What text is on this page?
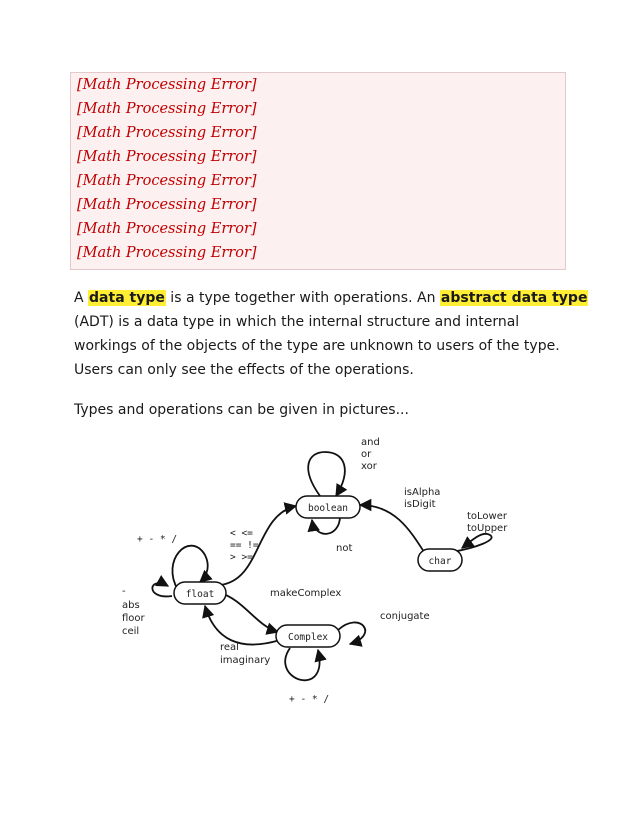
[Math Processing Error]
[Math Processing Error]
[Math Processing Error]
[Math Processing Error]
[Math Processing Error]
[Math Processing Error]
[Math Processing Error]
[Math Processing Error]
A data type is a type together with operations. An abstract data type
(ADT) is a data type in which the internal structure and internal
workings of the objects of the type are unknown to users of the type.
Users can only see the effects of the operations.
Types and operations can be given in pictures...
boolean
char
float
Complex
and
or
xor
isAlpha
isDigit
toLower
toUpper
not
< <=
== !=
> >=
+ - * /
-
abs
floor
ceil
makeComplex
conjugate
real
imaginary
+ - * /
